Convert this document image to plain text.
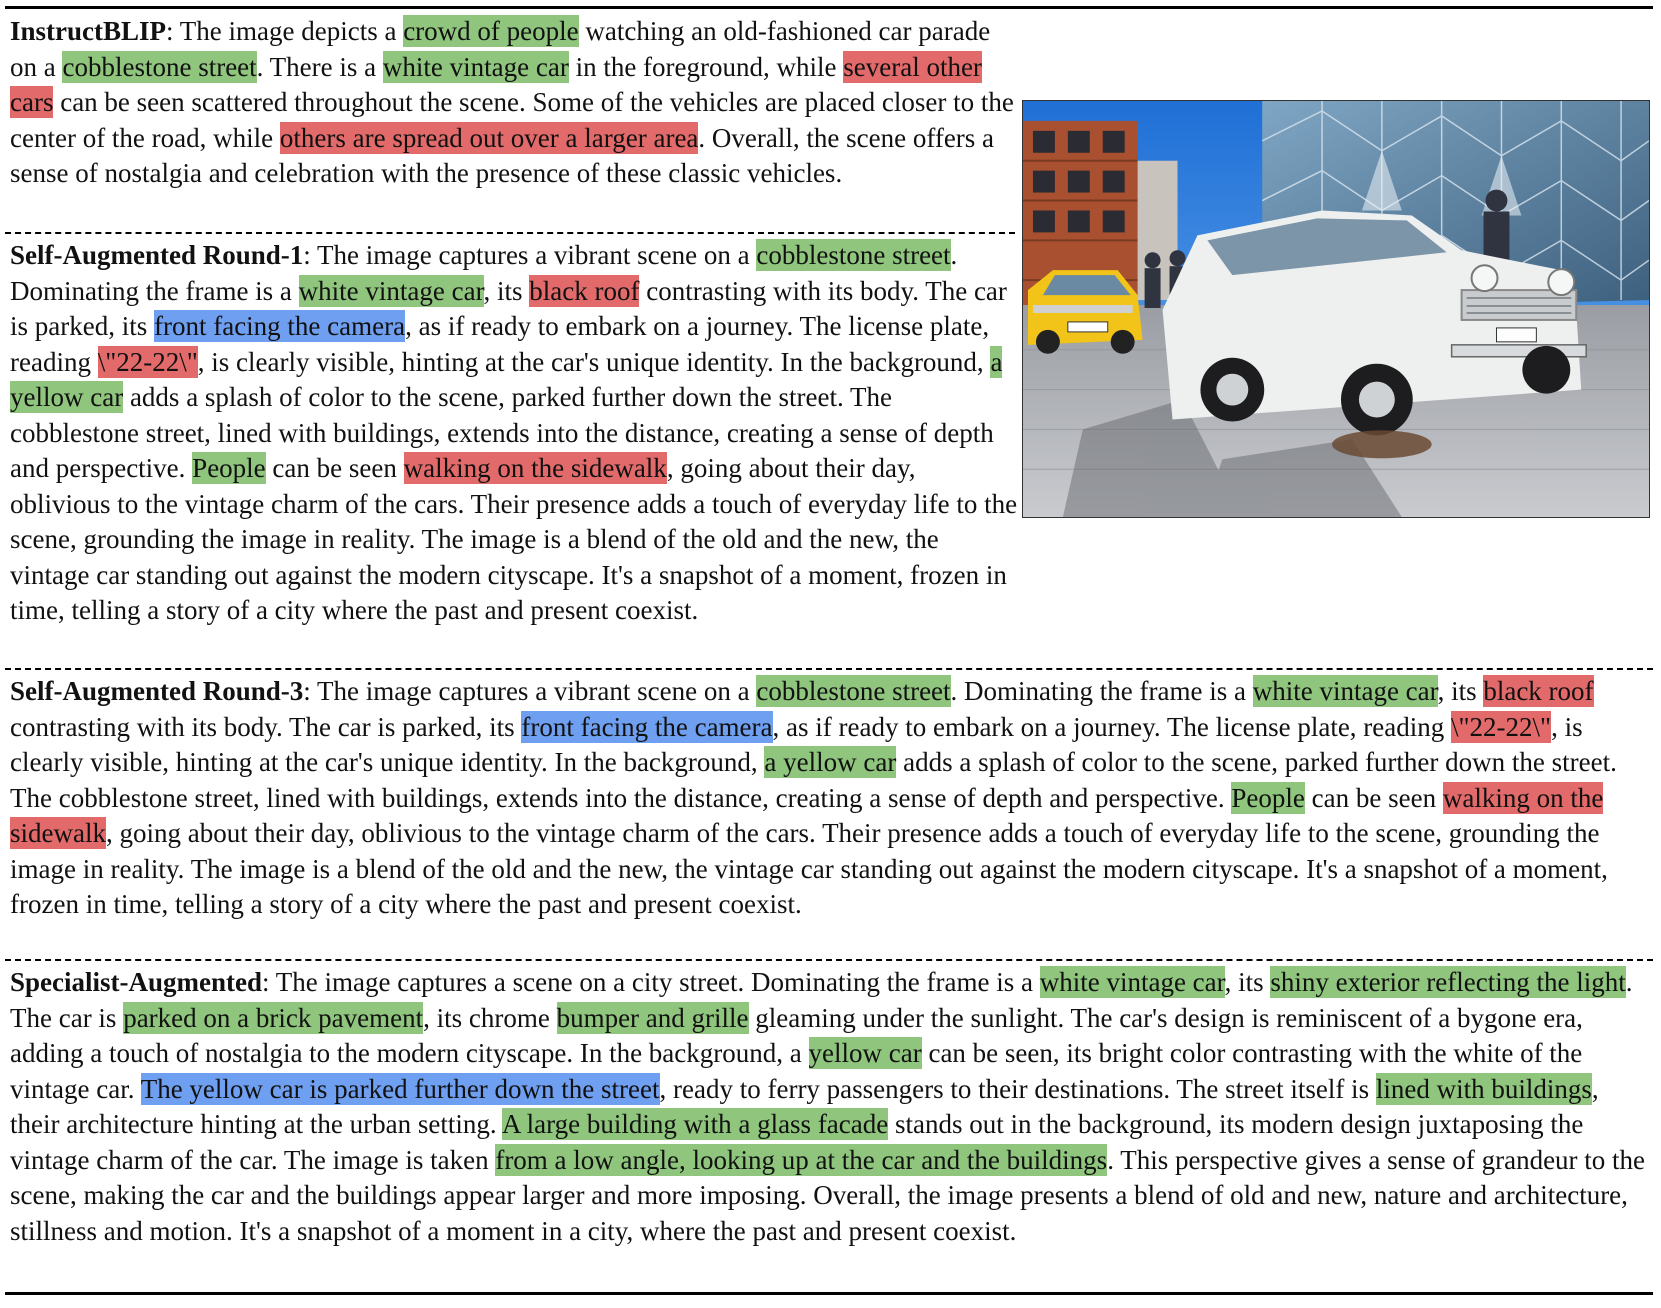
InstructBLIP: The image depicts a crowd of people watching an old-fashioned car parade on a cobblestone street. There is a white vintage car in the foreground, while several other cars can be seen scattered throughout the scene. Some of the vehicles are placed closer to the center of the road, while others are spread out over a larger area. Overall, the scene offers a sense of nostalgia and celebration with the presence of these classic vehicles.

Self-Augmented Round-1: The image captures a vibrant scene on a cobblestone street. Dominating the frame is a white vintage car, its black roof contrasting with its body. The car is parked, its front facing the camera, as if ready to embark on a journey. The license plate, reading \"22-22\", is clearly visible, hinting at the car's unique identity. In the background, a yellow car adds a splash of color to the scene, parked further down the street. The cobblestone street, lined with buildings, extends into the distance, creating a sense of depth and perspective. People can be seen walking on the sidewalk, going about their day, oblivious to the vintage charm of the cars. Their presence adds a touch of everyday life to the scene, grounding the image in reality. The image is a blend of the old and the new, the vintage car standing out against the modern cityscape. It's a snapshot of a moment, frozen in time, telling a story of a city where the past and present coexist.

Self-Augmented Round-3: The image captures a vibrant scene on a cobblestone street. Dominating the frame is a white vintage car, its black roof contrasting with its body. The car is parked, its front facing the camera, as if ready to embark on a journey. The license plate, reading \"22-22\", is clearly visible, hinting at the car's unique identity. In the background, a yellow car adds a splash of color to the scene, parked further down the street. The cobblestone street, lined with buildings, extends into the distance, creating a sense of depth and perspective. People can be seen walking on the sidewalk, going about their day, oblivious to the vintage charm of the cars. Their presence adds a touch of everyday life to the scene, grounding the image in reality. The image is a blend of the old and the new, the vintage car standing out against the modern cityscape. It's a snapshot of a moment, frozen in time, telling a story of a city where the past and present coexist.

Specialist-Augmented: The image captures a scene on a city street. Dominating the frame is a white vintage car, its shiny exterior reflecting the light. The car is parked on a brick pavement, its chrome bumper and grille gleaming under the sunlight. The car's design is reminiscent of a bygone era, adding a touch of nostalgia to the modern cityscape. In the background, a yellow car can be seen, its bright color contrasting with the white of the vintage car. The yellow car is parked further down the street, ready to ferry passengers to their destinations. The street itself is lined with buildings, their architecture hinting at the urban setting. A large building with a glass facade stands out in the background, its modern design juxtaposing the vintage charm of the car. The image is taken from a low angle, looking up at the car and the buildings. This perspective gives a sense of grandeur to the scene, making the car and the buildings appear larger and more imposing. Overall, the image presents a blend of old and new, nature and architecture, stillness and motion. It's a snapshot of a moment in a city, where the past and present coexist.
